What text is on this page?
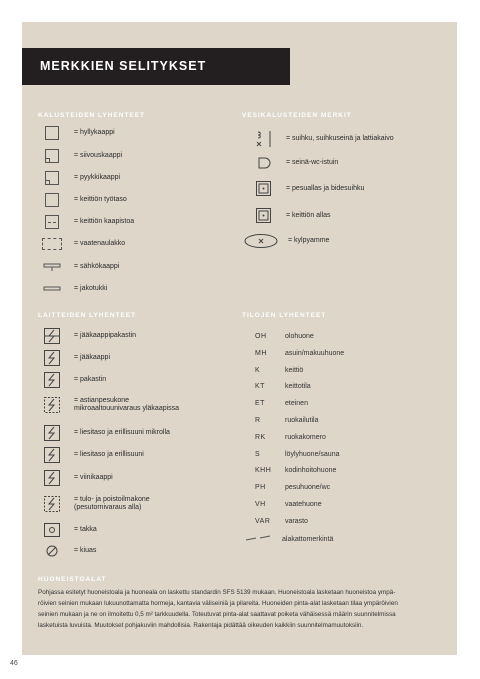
MERKKIEN SELITYKSET
KALUSTEIDEN LYHENTEET
= hyllykaappi
= siivouskaappi
= pyykkikaappi
= keittiön työtaso
= keittiön kaapistoa
= vaatenaulakko
= sähkökaappi
= jakotukki
LAITTEIDEN LYHENTEET
= jääkaappipakastin
= jääkaappi
= pakastin
= astianpesukone
mikroaaltouunivaraus yläkaapissa
= liesitaso ja erillisuuni mikrolla
= liesitaso ja erillisuuni
= viinikaappi
= tulo- ja poistoilmakone
(pesutornivaraus alla)
= takka
= kiuas
VESIKALUSTEIDEN MERKIT
= suihku, suihkuseinä ja lattiakaivo
= seinä-wc-istuin
= pesuallas ja bidesuihku
= keittiön allas
= kylpyamme
TILOJEN LYHENTEET
OH	olohuone
MH	asuin/makuuhuone
K	keittiö
KT	keittotila
ET	eteinen
R	ruokailutila
RK	ruokakomero
S	löylyhuone/sauna
KHH	kodinhoitohuone
PH	pesuhuone/wc
VH	vaatehuone
VAR	varasto
alakattomerkintä
HUONEISTOALAT
Pohjassa esitetyt huoneistoala ja huoneala on laskettu standardin SFS 5139 mukaan. Huoneistoala lasketaan huoneistoa ympä-
röivien seinien mukaan lukuunottamatta hormeja, kantavia väliseiniä ja pilareita. Huoneiden pinta-alat lasketaan tilaa ympäröivien
seinien mukaan ja ne on ilmoitettu 0,5 m² tarkkuudella. Toteutuvat pinta-alat saattavat poiketa vähäisessä määrin suunnitelmissa
lasketuista luvuista. Muutokset pohjakuviin mahdollisia. Rakentaja pidättää oikeuden kaikkiin suunnitelmamuutoksiin.
46
